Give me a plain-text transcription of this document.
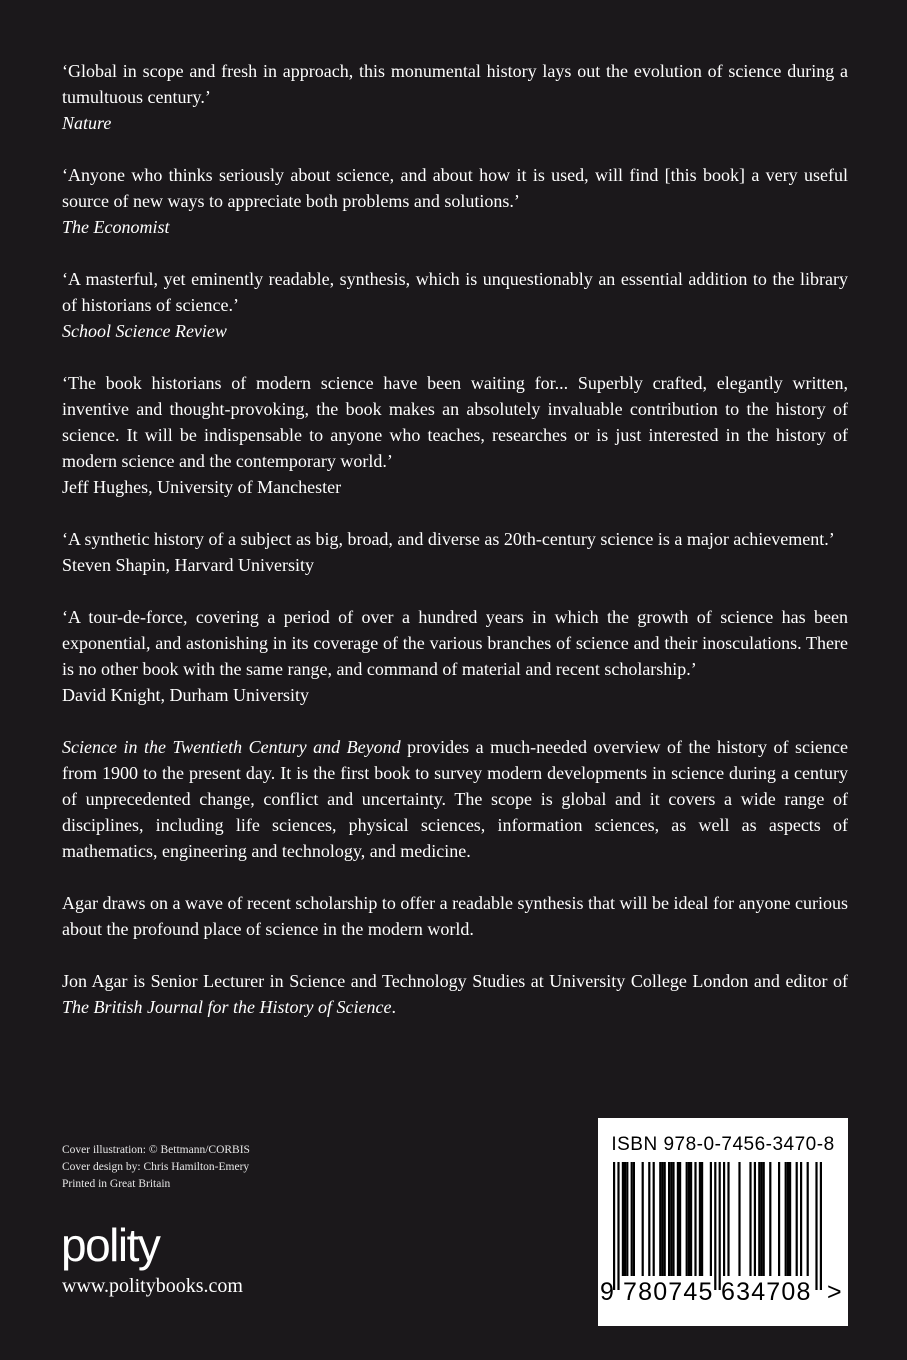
‘Global in scope and fresh in approach, this monumental history lays out the evolution of science during a tumultuous century.’

Nature

‘Anyone who thinks seriously about science, and about how it is used, will find [this book] a very useful source of new ways to appreciate both problems and solutions.’

The Economist

‘A masterful, yet eminently readable, synthesis, which is unquestionably an essential addition to the library of historians of science.’

School Science Review

‘The book historians of modern science have been waiting for... Superbly crafted, elegantly written, inventive and thought-provoking, the book makes an absolutely invaluable contribution to the history of science. It will be indispensable to anyone who teaches, researches or is just interested in the history of modern science and the contemporary world.’

Jeff Hughes, University of Manchester

‘A synthetic history of a subject as big, broad, and diverse as 20th-century science is a major achievement.’

Steven Shapin, Harvard University

‘A tour-de-force, covering a period of over a hundred years in which the growth of science has been exponential, and astonishing in its coverage of the various branches of science and their inosculations. There is no other book with the same range, and command of material and recent scholarship.’

David Knight, Durham University

Science in the Twentieth Century and Beyond provides a much-needed overview of the history of science from 1900 to the present day. It is the first book to survey modern developments in science during a century of unprecedented change, conflict and uncertainty. The scope is global and it covers a wide range of disciplines, including life sciences, physical sciences, information sciences, as well as aspects of mathematics, engineering and technology, and medicine.

Agar draws on a wave of recent scholarship to offer a readable synthesis that will be ideal for anyone curious about the profound place of science in the modern world.

Jon Agar is Senior Lecturer in Science and Technology Studies at University College London and editor of The British Journal for the History of Science.

Cover illustration: © Bettmann/CORBIS
Cover design by: Chris Hamilton-Emery
Printed in Great Britain
polity
www.politybooks.com
ISBN 978-0-7456-3470-8
9 780745 634708 >
